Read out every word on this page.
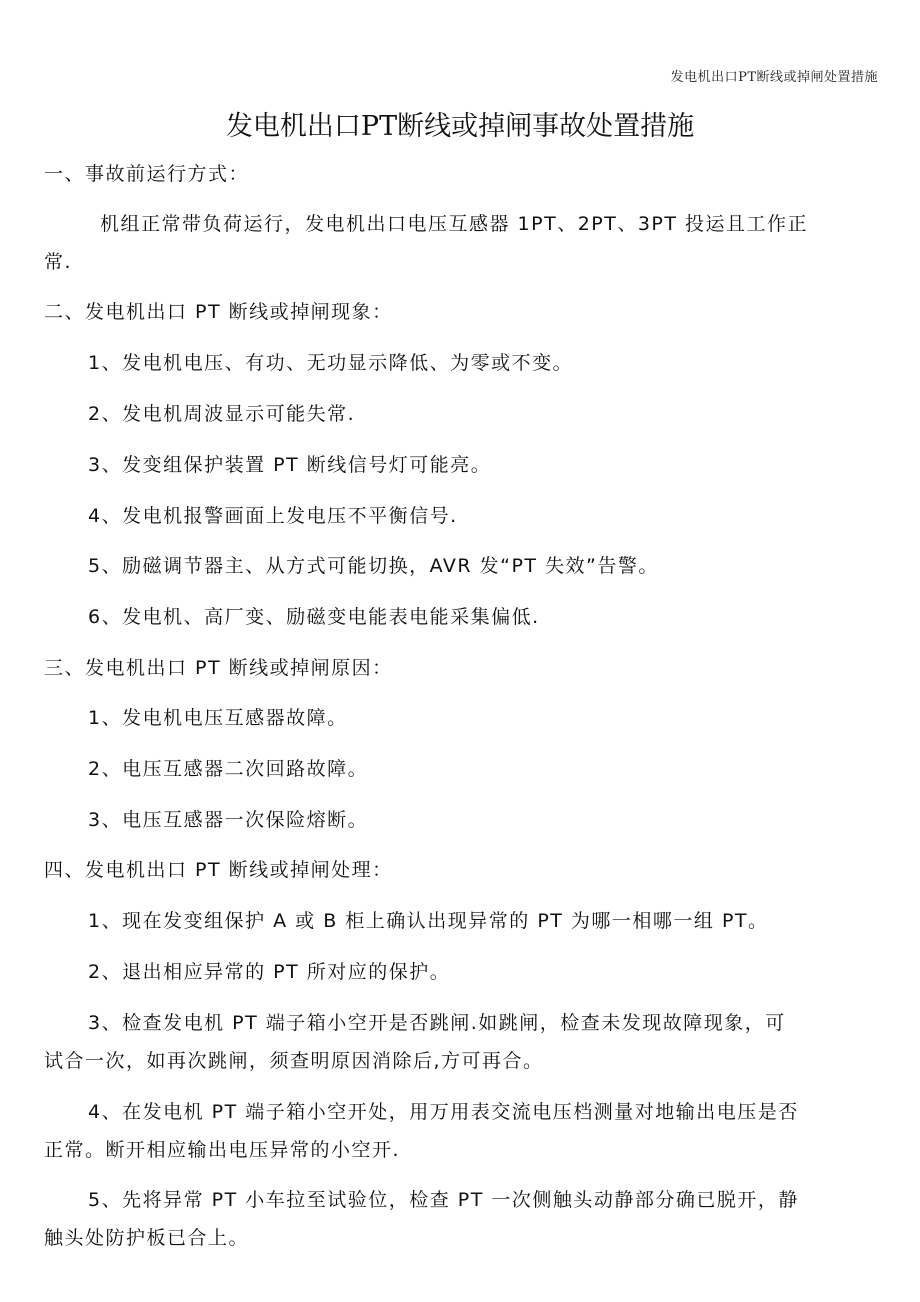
发电机出口PT断线或掉闸处置措施
发电机出口PT断线或掉闸事故处置措施
一、事故前运行方式：
机组正常带负荷运行，发电机出口电压互感器 1PT、2PT、3PT 投运且工作正
常.
二、发电机出口 PT 断线或掉闸现象：
1、发电机电压、有功、无功显示降低、为零或不变。
2、发电机周波显示可能失常.
3、发变组保护装置 PT 断线信号灯可能亮。
4、发电机报警画面上发电压不平衡信号.
5、励磁调节器主、从方式可能切换，AVR 发“PT 失效”告警。
6、发电机、高厂变、励磁变电能表电能采集偏低.
三、发电机出口 PT 断线或掉闸原因：
1、发电机电压互感器故障。
2、电压互感器二次回路故障。
3、电压互感器一次保险熔断。
四、发电机出口 PT 断线或掉闸处理：
1、现在发变组保护 A 或 B 柜上确认出现异常的 PT 为哪一相哪一组 PT。
2、退出相应异常的 PT 所对应的保护。
3、检查发电机 PT 端子箱小空开是否跳闸.如跳闸，检查未发现故障现象，可
试合一次，如再次跳闸，须查明原因消除后,方可再合。
4、在发电机 PT 端子箱小空开处，用万用表交流电压档测量对地输出电压是否
正常。断开相应输出电压异常的小空开.
5、先将异常 PT 小车拉至试验位，检查 PT 一次侧触头动静部分确已脱开，静
触头处防护板已合上。
